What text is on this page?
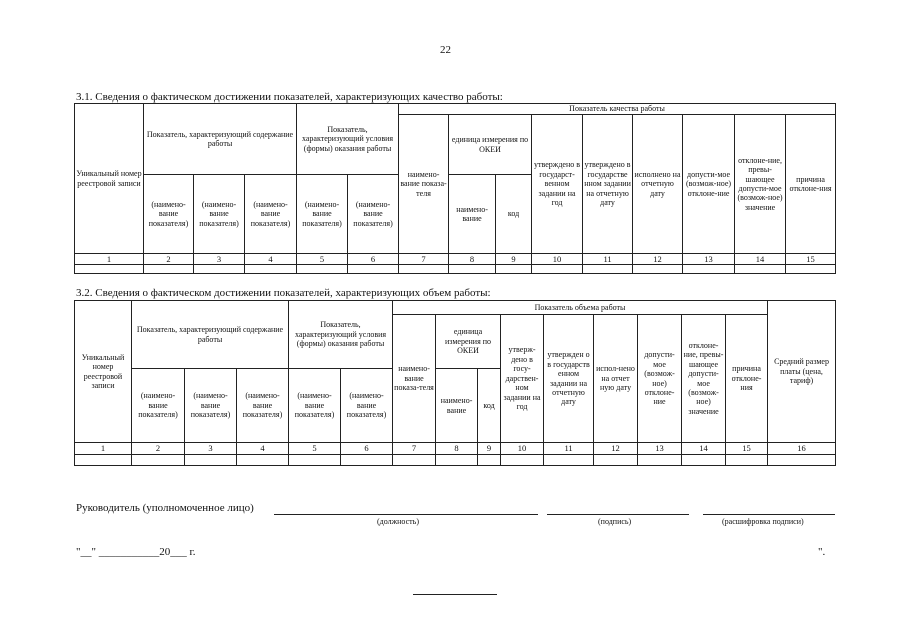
22
3.1. Сведения о фактическом достижении показателей, характеризующих качество работы:
Уникальный номер реестровой записи	Показатель, характеризующий содержание работы			Показатель, характеризующий условия (формы) оказания работы		Показатель качества работы								
						наимено-вание показа-теля	единица измерения по ОКЕИ		утверждено в государст-венном задании на год	утверждено в государстве нном задании на отчетную дату	исполнено на отчетную дату	допусти-мое (возмож-ное) отклоне-ние	отклоне-ние, превы-шающее допусти-мое (возмож-ное) значение	причина отклоне-ния
	(наимено-вание показателя)	(наимено-вание показателя)	(наимено-вание показателя)	(наимено-вание показателя)	(наимено-вание показателя)		наимено-вание	код						
1	2	3	4	5	6	7	8	9	10	11	12	13	14	15

3.2. Сведения о фактическом достижении показателей, характеризующих объем работы:
Уникальный номер реестровой записи	Показатель, характеризующий содержание работы			Показатель, характеризующий условия (формы) оказания работы		Показатель объема работы									Средний размер платы (цена, тариф)
						наимено-вание показа-теля	единица измерения по ОКЕИ		утверж-дено в госу-дарствен-ном задании на год	утвержден о в государств енном задании на отчетную дату	испол-нено на отчет ную дату	допусти-мое (возмож-ное) отклоне-ние	отклоне-ние, превы-шающее допусти-мое (возмож-ное) значение	причина отклоне-ния	
	(наимено-вание показателя)	(наимено-вание показателя)	(наимено-вание показателя)	(наимено-вание показателя)	(наимено-вание показателя)		наимено-вание	код							
1	2	3	4	5	6	7	8	9	10	11	12	13	14	15	16

Руководитель (уполномоченное лицо)
(должность)	(подпись)	(расшифровка подписи)
"__" ___________20___ г.	".
